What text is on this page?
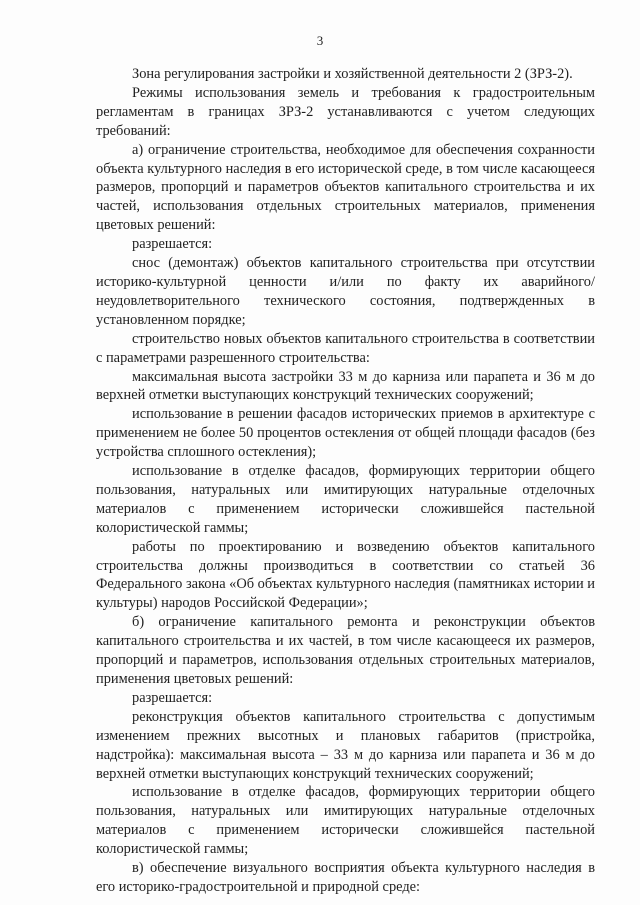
3

Зона регулирования застройки и хозяйственной деятельности 2 (ЗРЗ-2).

Режимы использования земель и требования к градостроительным регламентам в границах ЗРЗ-2 устанавливаются с учетом следующих требований:

а) ограничение строительства, необходимое для обеспечения сохранности объекта культурного наследия в его исторической среде, в том числе касающееся размеров, пропорций и параметров объектов капитального строительства и их частей, использования отдельных строительных материалов, применения цветовых решений:

разрешается:

снос (демонтаж) объектов капитального строительства при отсутствии историко-культурной ценности и/или по факту их аварийного/ неудовлетворительного технического состояния, подтвержденных в установленном порядке;

строительство новых объектов капитального строительства в соответствии с параметрами разрешенного строительства:

максимальная высота застройки 33 м до карниза или парапета и 36 м до верхней отметки выступающих конструкций технических сооружений;

использование в решении фасадов исторических приемов в архитектуре с применением не более 50 процентов остекления от общей площади фасадов (без устройства сплошного остекления);

использование в отделке фасадов, формирующих территории общего пользования, натуральных или имитирующих натуральные отделочных материалов с применением исторически сложившейся пастельной колористической гаммы;

работы по проектированию и возведению объектов капитального строительства должны производиться в соответствии со статьей 36 Федерального закона «Об объектах культурного наследия (памятниках истории и культуры) народов Российской Федерации»;

б) ограничение капитального ремонта и реконструкции объектов капитального строительства и их частей, в том числе касающееся их размеров, пропорций и параметров, использования отдельных строительных материалов, применения цветовых решений:

разрешается:

реконструкция объектов капитального строительства с допустимым изменением прежних высотных и плановых габаритов (пристройка, надстройка): максимальная высота – 33 м до карниза или парапета и 36 м до верхней отметки выступающих конструкций технических сооружений;

использование в отделке фасадов, формирующих территории общего пользования, натуральных или имитирующих натуральные отделочных материалов с применением исторически сложившейся пастельной колористической гаммы;

в) обеспечение визуального восприятия объекта культурного наследия в его историко-градостроительной и природной среде:
